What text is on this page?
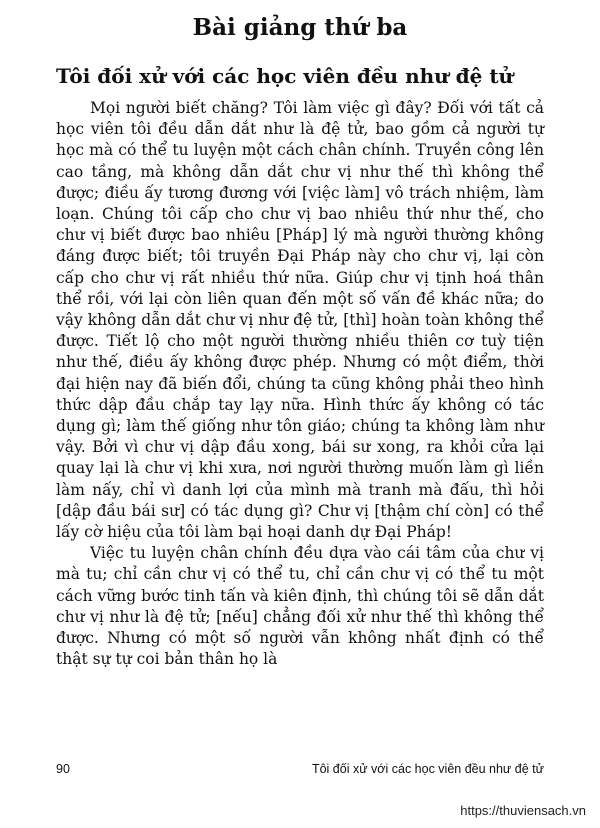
Bài giảng thứ ba
Tôi đối xử với các học viên đều như đệ tử

Mọi người biết chăng? Tôi làm việc gì đây? Đối với tất cả học viên tôi đều dẫn dắt như là đệ tử, bao gồm cả người tự học mà có thể tu luyện một cách chân chính. Truyền công lên cao tầng, mà không dẫn dắt chư vị như thế thì không thể được; điều ấy tương đương với [việc làm] vô trách nhiệm, làm loạn. Chúng tôi cấp cho chư vị bao nhiêu thứ như thế, cho chư vị biết được bao nhiêu [Pháp] lý mà người thường không đáng được biết; tôi truyền Đại Pháp này cho chư vị, lại còn cấp cho chư vị rất nhiều thứ nữa. Giúp chư vị tịnh hoá thân thể rồi, với lại còn liên quan đến một số vấn đề khác nữa; do vậy không dẫn dắt chư vị như đệ tử, [thì] hoàn toàn không thể được. Tiết lộ cho một người thường nhiều thiên cơ tuỳ tiện như thế, điều ấy không được phép. Nhưng có một điểm, thời đại hiện nay đã biến đổi, chúng ta cũng không phải theo hình thức dập đầu chắp tay lạy nữa. Hình thức ấy không có tác dụng gì; làm thế giống như tôn giáo; chúng ta không làm như vậy. Bởi vì chư vị dập đầu xong, bái sư xong, ra khỏi cửa lại quay lại là chư vị khi xưa, nơi người thường muốn làm gì liền làm nấy, chỉ vì danh lợi của mình mà tranh mà đấu, thì hỏi [dập đầu bái sư] có tác dụng gì? Chư vị [thậm chí còn] có thể lấy cờ hiệu của tôi làm bại hoại danh dự Đại Pháp!

Việc tu luyện chân chính đều dựa vào cái tâm của chư vị mà tu; chỉ cần chư vị có thể tu, chỉ cần chư vị có thể tu một cách vững bước tinh tấn và kiên định, thì chúng tôi sẽ dẫn dắt chư vị như là đệ tử; [nếu] chẳng đối xử như thế thì không thể được. Nhưng có một số người vẫn không nhất định có thể thật sự tự coi bản thân họ là

90	Tôi đối xử với các học viên đều như đệ tử
https://thuviensach.vn
